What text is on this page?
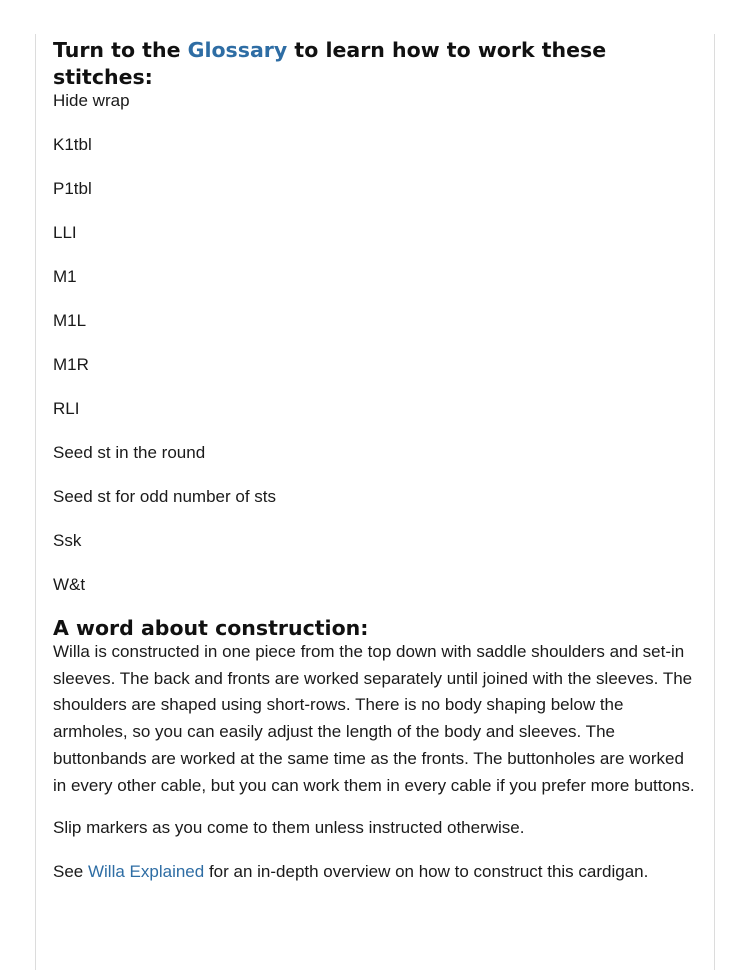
Turn to the Glossary to learn how to work these stitches:
Hide wrap
K1tbl
P1tbl
LLI
M1
M1L
M1R
RLI
Seed st in the round
Seed st for odd number of sts
Ssk
W&t
A word about construction:

Willa is constructed in one piece from the top down with saddle shoulders and set-in sleeves. The back and fronts are worked separately until joined with the sleeves. The shoulders are shaped using short-rows. There is no body shaping below the armholes, so you can easily adjust the length of the body and sleeves. The buttonbands are worked at the same time as the fronts. The buttonholes are worked in every other cable, but you can work them in every cable if you prefer more buttons.

Slip markers as you come to them unless instructed otherwise.

See Willa Explained for an in-depth overview on how to construct this cardigan.
